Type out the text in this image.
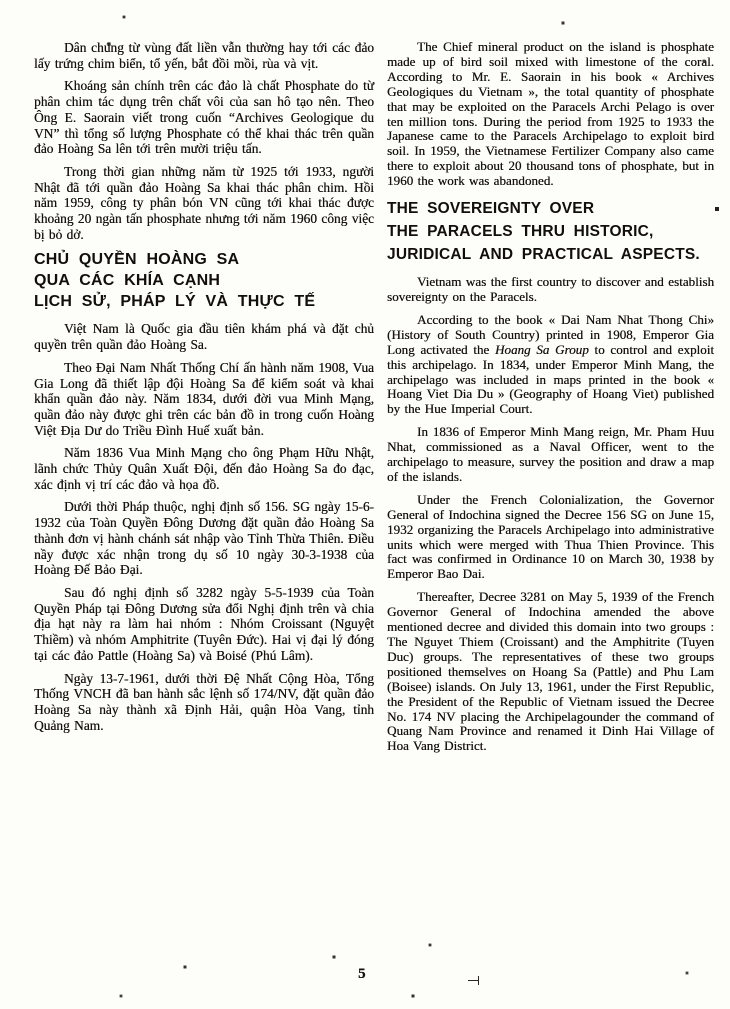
Dân chúng từ vùng đất liền vẫn thường hay tới các đảo lấy trứng chim biển, tổ yến, bắt đồi mồi, rùa và vịt.

Khoáng sản chính trên các đảo là chất Phosphate do từ phân chim tác dụng trên chất vôi của san hô tạo nên. Theo Ông E. Saorain viết trong cuốn “Archives Geologique du VN” thì tổng số lượng Phosphate có thể khai thác trên quần đảo Hoàng Sa lên tới trên mười triệu tấn.

Trong thời gian những năm từ 1925 tới 1933, người Nhật đã tới quần đảo Hoàng Sa khai thác phân chim. Hồi năm 1959, công ty phân bón VN cũng tới khai thác được khoảng 20 ngàn tấn phosphate nhưng tới năm 1960 công việc bị bỏ dở.

CHỦ QUYỀN HOÀNG SA
QUA CÁC KHÍA CẠNH
LỊCH SỬ, PHÁP LÝ VÀ THỰC TẾ

Việt Nam là Quốc gia đầu tiên khám phá và đặt chủ quyền trên quần đảo Hoàng Sa.

Theo Đại Nam Nhất Thống Chí ấn hành năm 1908, Vua Gia Long đã thiết lập đội Hoàng Sa để kiểm soát và khai khẩn quần đảo này. Năm 1834, dưới đời vua Minh Mạng, quần đảo này được ghi trên các bản đồ in trong cuốn Hoàng Việt Địa Dư do Triều Đình Huế xuất bản.

Năm 1836 Vua Minh Mạng cho ông Phạm Hữu Nhật, lãnh chức Thủy Quân Xuất Đội, đến đảo Hoàng Sa đo đạc, xác định vị trí các đảo và họa đồ.

Dưới thời Pháp thuộc, nghị định số 156. SG ngày 15-6-1932 của Toàn Quyền Đông Dương đặt quần đảo Hoàng Sa thành đơn vị hành chánh sát nhập vào Tỉnh Thừa Thiên. Điều nầy được xác nhận trong dụ số 10 ngày 30-3-1938 của Hoàng Đế Bảo Đại.

Sau đó nghị định số 3282 ngày 5-5-1939 của Toàn Quyền Pháp tại Đông Dương sửa đổi Nghị định trên và chia địa hạt này ra làm hai nhóm : Nhóm Croissant (Nguyệt Thiềm) và nhóm Amphitrite (Tuyên Đức). Hai vị đại lý đóng tại các đảo Pattle (Hoàng Sa) và Boisé (Phú Lâm).

Ngày 13-7-1961, dưới thời Đệ Nhất Cộng Hòa, Tổng Thống VNCH đã ban hành sắc lệnh số 174/NV, đặt quần đảo Hoàng Sa này thành xã Định Hải, quận Hòa Vang, tỉnh Quảng Nam.

The Chief mineral product on the island is phosphate made up of bird soil mixed with limestone of the coral. According to Mr. E. Saorain in his book « Archives Geologiques du Vietnam », the total quantity of phosphate that may be exploited on the Paracels Archi Pelago is over ten million tons. During the period from 1925 to 1933 the Japanese came to the Paracels Archipelago to exploit bird soil. In 1959, the Vietnamese Fertilizer Company also came there to exploit about 20 thousand tons of phosphate, but in 1960 the work was abandoned.

THE SOVEREIGNTY OVER
THE PARACELS THRU HISTORIC,
JURIDICAL AND PRACTICAL ASPECTS.

Vietnam was the first country to discover and establish sovereignty on the Paracels.

According to the book « Dai Nam Nhat Thong Chi» (History of South Country) printed in 1908, Emperor Gia Long activated the Hoang Sa Group to control and exploit this archipelago. In 1834, under Emperor Minh Mang, the archipelago was included in maps printed in the book « Hoang Viet Dia Du » (Geography of Hoang Viet) published by the Hue Imperial Court.

In 1836 of Emperor Minh Mang reign, Mr. Pham Huu Nhat, commissioned as a Naval Officer, went to the archipelago to measure, survey the position and draw a map of the islands.

Under the French Colonialization, the Governor General of Indochina signed the Decree 156 SG on June 15, 1932 organizing the Paracels Archipelago into administrative units which were merged with Thua Thien Province. This fact was confirmed in Ordinance 10 on March 30, 1938 by Emperor Bao Dai.

Thereafter, Decree 3281 on May 5, 1939 of the French Governor General of Indochina amended the above mentioned decree and divided this domain into two groups : The Nguyet Thiem (Croissant) and the Amphitrite (Tuyen Duc) groups. The representatives of these two groups positioned themselves on Hoang Sa (Pattle) and Phu Lam (Boisee) islands. On July 13, 1961, under the First Republic, the President of the Republic of Vietnam issued the Decree No. 174 NV placing the Archipelagounder the command of Quang Nam Province and renamed it Dinh Hai Village of Hoa Vang District.

5
